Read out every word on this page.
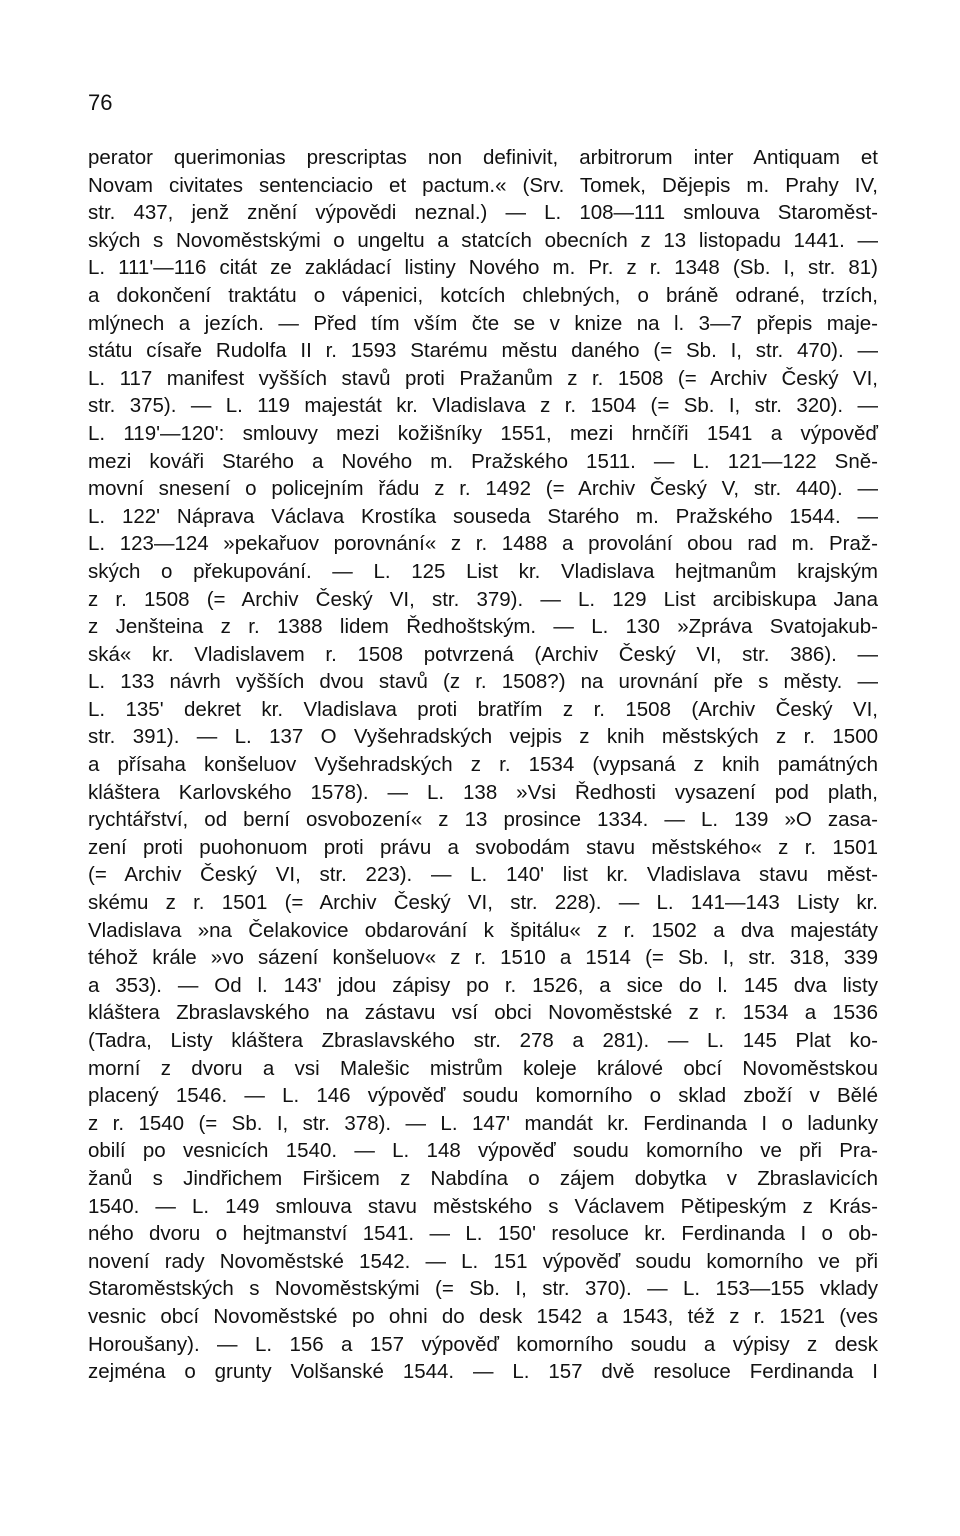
76
perator querimonias prescriptas non definivit, arbitrorum inter Antiquam et
Novam civitates sentenciacio et pactum.« (Srv. Tomek, Dějepis m. Prahy IV,
str. 437, jenž znění výpovědi neznal.) — L. 108—111 smlouva Staroměst-
ských s Novoměstskými o ungeltu a statcích obecních z 13 listopadu 1441. —
L. 111'—116 citát ze zakládací listiny Nového m. Pr. z r. 1348 (Sb. I, str. 81)
a dokončení traktátu o vápenici, kotcích chlebných, o bráně odrané, trzích,
mlýnech a jezích. — Před tím vším čte se v knize na l. 3—7 přepis maje-
státu císaře Rudolfa II r. 1593 Starému městu daného (= Sb. I, str. 470). —
L. 117 manifest vyšších stavů proti Pražanům z r. 1508 (= Archiv Český VI,
str. 375). — L. 119 majestát kr. Vladislava z r. 1504 (= Sb. I, str. 320). —
L. 119'—120': smlouvy mezi kožišníky 1551, mezi hrnčíři 1541 a výpověď
mezi kováři Starého a Nového m. Pražského 1511. — L. 121—122 Sně-
movní snesení o policejním řádu z r. 1492 (= Archiv Český V, str. 440). —
L. 122' Náprava Václava Krostíka souseda Starého m. Pražského 1544. —
L. 123—124 »pekařuov porovnání« z r. 1488 a provolání obou rad m. Praž-
ských o překupování. — L. 125 List kr. Vladislava hejtmanům krajským
z r. 1508 (= Archiv Český VI, str. 379). — L. 129 List arcibiskupa Jana
z Jenšteina z r. 1388 lidem Ředhoštským. — L. 130 »Zpráva Svatojakub-
ská« kr. Vladislavem r. 1508 potvrzená (Archiv Český VI, str. 386). —
L. 133 návrh vyšších dvou stavů (z r. 1508?) na urovnání pře s městy. —
L. 135' dekret kr. Vladislava proti bratřím z r. 1508 (Archiv Český VI,
str. 391). — L. 137 O Vyšehradských vejpis z knih městských z r. 1500
a přísaha konšeluov Vyšehradských z r. 1534 (vypsaná z knih památných
kláštera Karlovského 1578). — L. 138 »Vsi Ředhosti vysazení pod plath,
rychtářství, od berní osvobození« z 13 prosince 1334. — L. 139 »O zasa-
zení proti puohonuom proti právu a svobodám stavu městského« z r. 1501
(= Archiv Český VI, str. 223). — L. 140' list kr. Vladislava stavu měst-
skému z r. 1501 (= Archiv Český VI, str. 228). — L. 141—143 Listy kr.
Vladislava »na Čelakovice obdarování k špitálu« z r. 1502 a dva majestáty
téhož krále »vo sázení konšeluov« z r. 1510 a 1514 (= Sb. I, str. 318, 339
a 353). — Od l. 143' jdou zápisy po r. 1526, a sice do l. 145 dva listy
kláštera Zbraslavského na zástavu vsí obci Novoměstské z r. 1534 a 1536
(Tadra, Listy kláštera Zbraslavského str. 278 a 281). — L. 145 Plat ko-
morní z dvoru a vsi Malešic mistrům koleje králové obcí Novoměstskou
placený 1546. — L. 146 výpověď soudu komorního o sklad zboží v Bělé
z r. 1540 (= Sb. I, str. 378). — L. 147' mandát kr. Ferdinanda I o ladunky
obilí po vesnicích 1540. — L. 148 výpověď soudu komorního ve při Pra-
žanů s Jindřichem Firšicem z Nabdína o zájem dobytka v Zbraslavicích
1540. — L. 149 smlouva stavu městského s Václavem Pětipeským z Krás-
ného dvoru o hejtmanství 1541. — L. 150' resoluce kr. Ferdinanda I o ob-
novení rady Novoměstské 1542. — L. 151 výpověď soudu komorního ve při
Staroměstských s Novoměstskými (= Sb. I, str. 370). — L. 153—155 vklady
vesnic obcí Novoměstské po ohni do desk 1542 a 1543, též z r. 1521 (ves
Horoušany). — L. 156 a 157 výpověď komorního soudu a výpisy z desk
zejména o grunty Volšanské 1544. — L. 157 dvě resoluce Ferdinanda I
